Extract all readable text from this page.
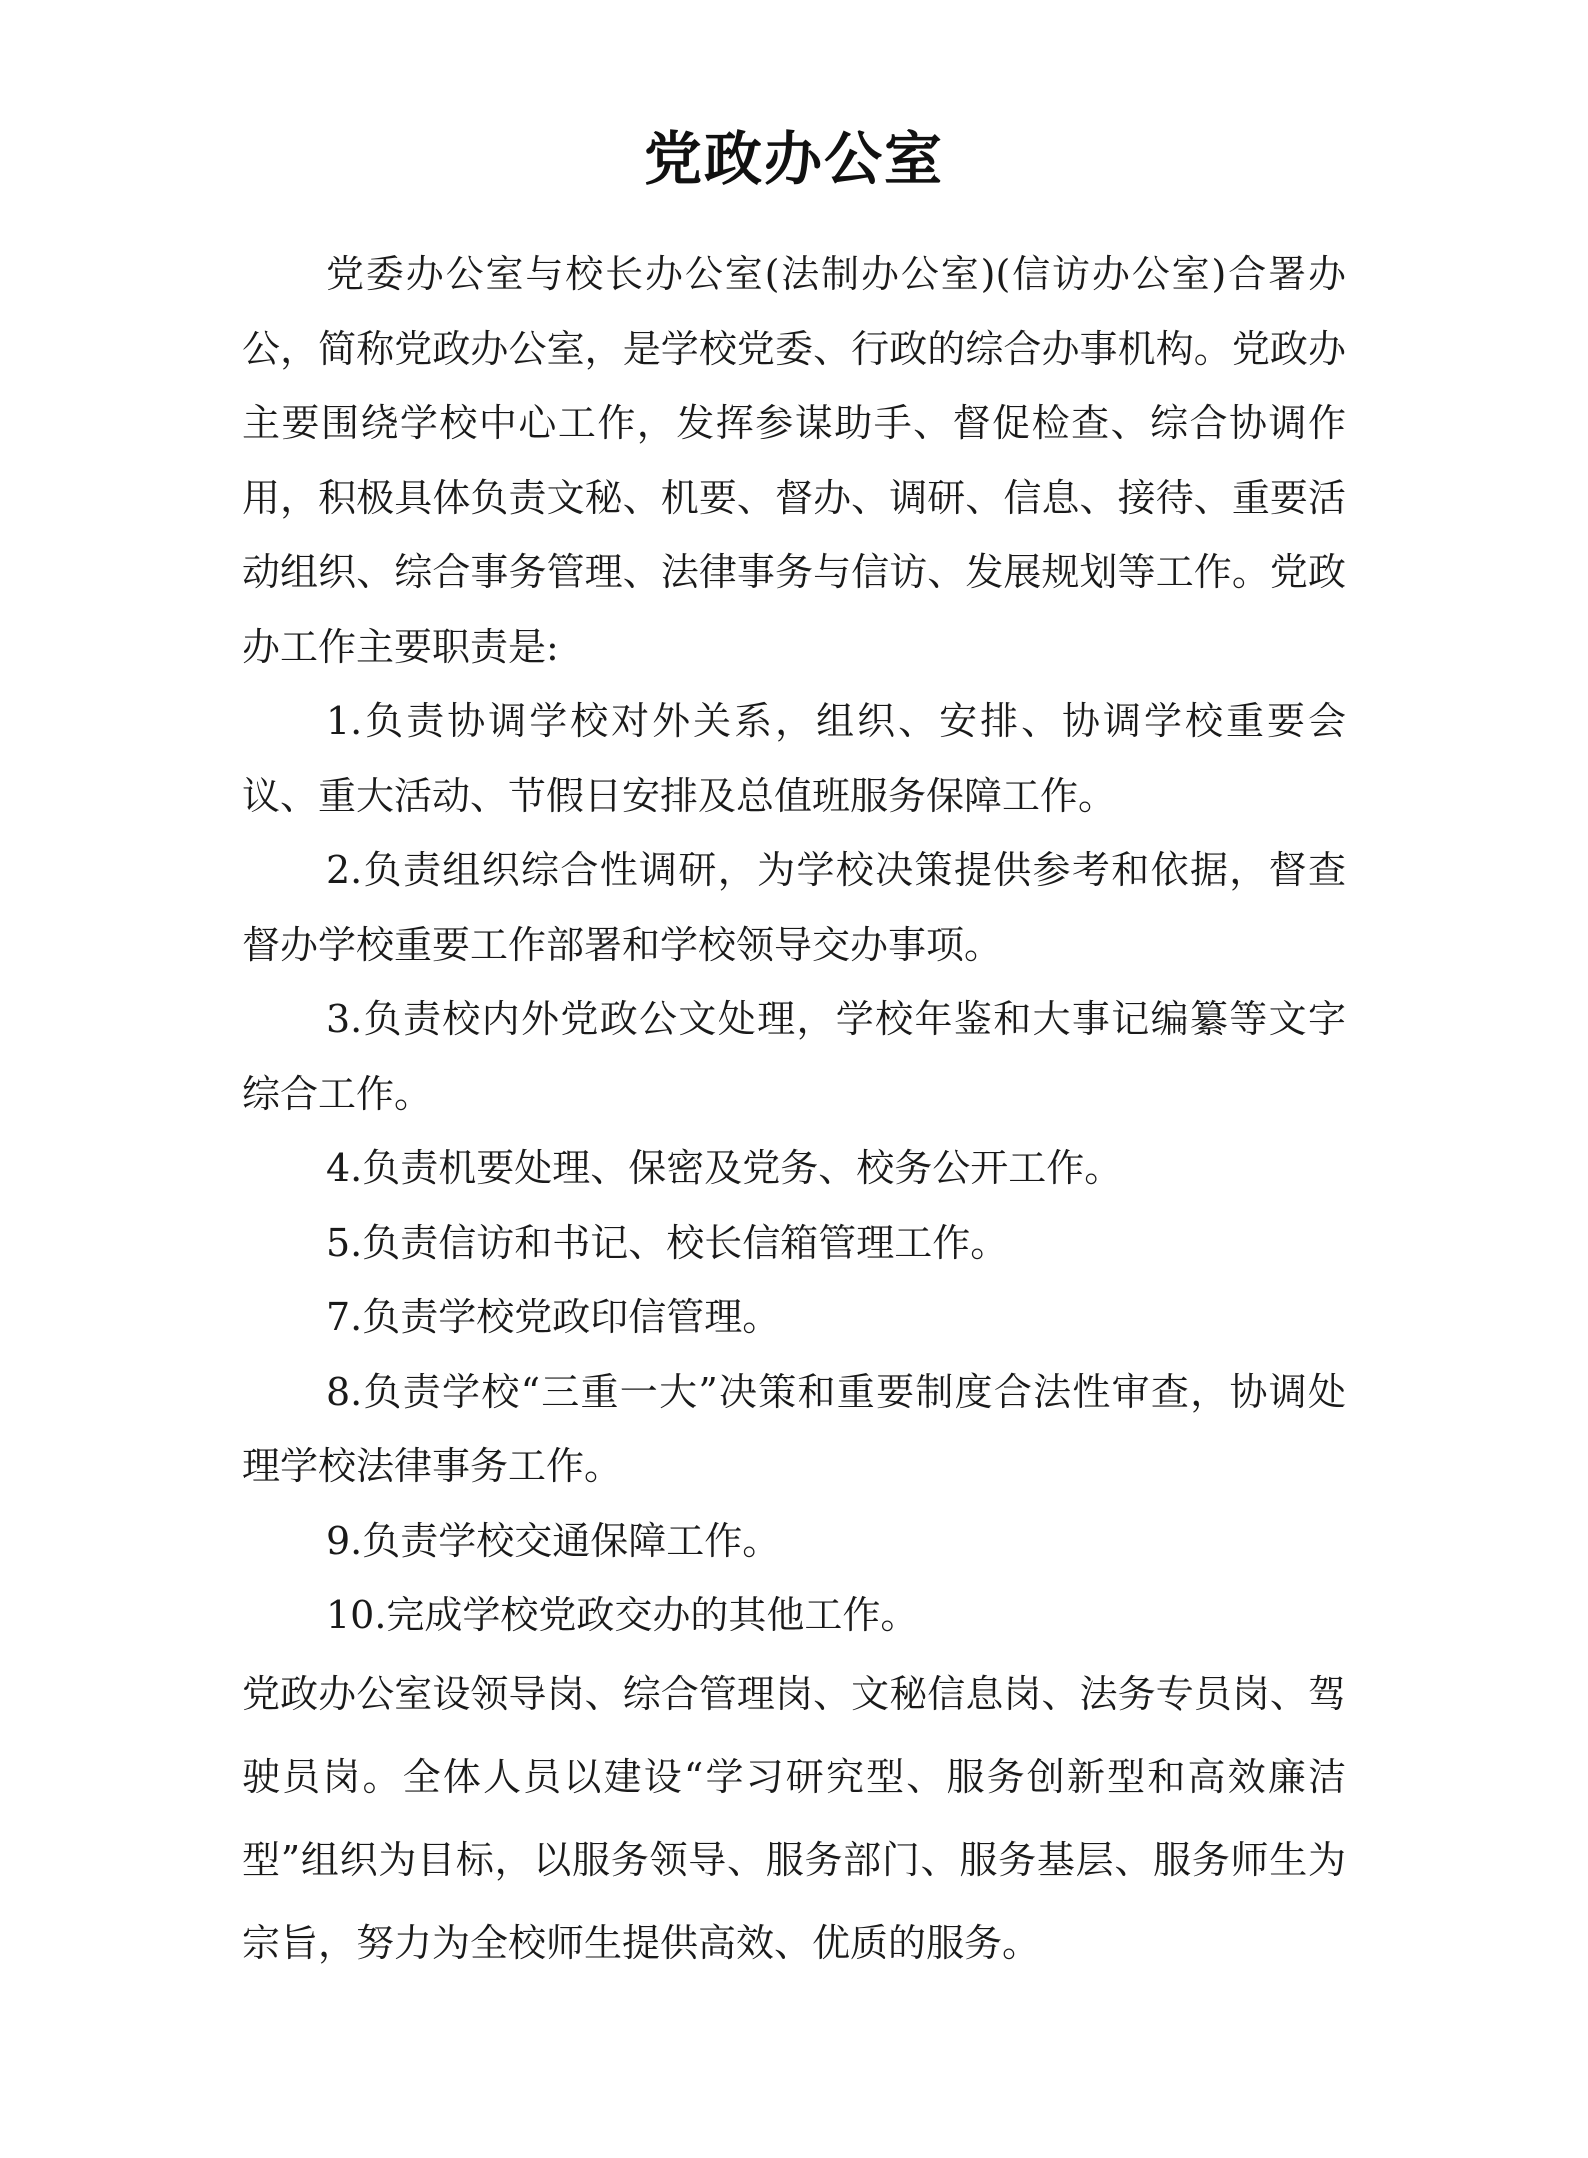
党政办公室

党委办公室与校长办公室(法制办公室)(信访办公室)合署办公，简称党政办公室，是学校党委、行政的综合办事机构。党政办主要围绕学校中心工作，发挥参谋助手、督促检查、综合协调作用，积极具体负责文秘、机要、督办、调研、信息、接待、重要活动组织、综合事务管理、法律事务与信访、发展规划等工作。党政办工作主要职责是:

1.负责协调学校对外关系，组织、安排、协调学校重要会议、重大活动、节假日安排及总值班服务保障工作。

2.负责组织综合性调研，为学校决策提供参考和依据，督查督办学校重要工作部署和学校领导交办事项。

3.负责校内外党政公文处理，学校年鉴和大事记编纂等文字综合工作。

4.负责机要处理、保密及党务、校务公开工作。

5.负责信访和书记、校长信箱管理工作。

7.负责学校党政印信管理。

8.负责学校“三重一大”决策和重要制度合法性审查，协调处理学校法律事务工作。

9.负责学校交通保障工作。

10.完成学校党政交办的其他工作。

党政办公室设领导岗、综合管理岗、文秘信息岗、法务专员岗、驾驶员岗。全体人员以建设“学习研究型、服务创新型和高效廉洁型”组织为目标，以服务领导、服务部门、服务基层、服务师生为宗旨，努力为全校师生提供高效、优质的服务。
